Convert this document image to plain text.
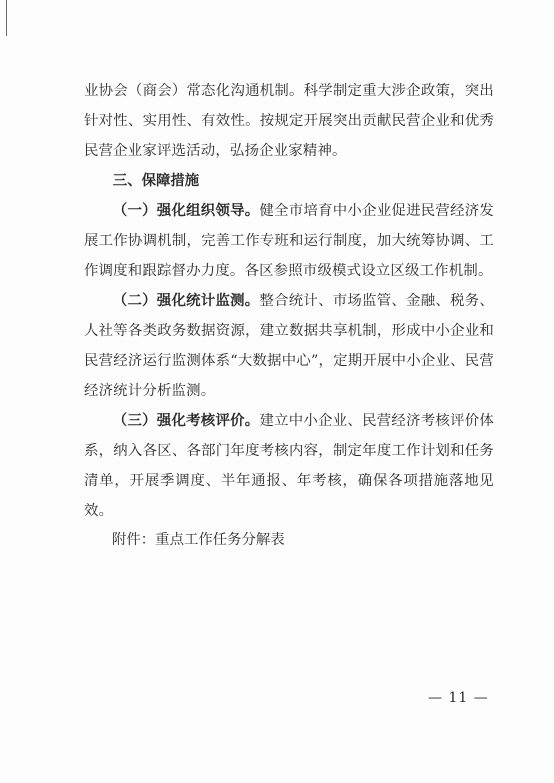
业协会（商会）常态化沟通机制。科学制定重大涉企政策，突出针对性、实用性、有效性。按规定开展突出贡献民营企业和优秀民营企业家评选活动，弘扬企业家精神。

三、保障措施

（一）强化组织领导。健全市培育中小企业促进民营经济发展工作协调机制，完善工作专班和运行制度，加大统筹协调、工作调度和跟踪督办力度。各区参照市级模式设立区级工作机制。

（二）强化统计监测。整合统计、市场监管、金融、税务、人社等各类政务数据资源，建立数据共享机制，形成中小企业和民营经济运行监测体系“大数据中心”，定期开展中小企业、民营经济统计分析监测。

（三）强化考核评价。建立中小企业、民营经济考核评价体系，纳入各区、各部门年度考核内容，制定年度工作计划和任务清单，开展季调度、半年通报、年考核，确保各项措施落地见效。

附件：重点工作任务分解表

— 11 —
